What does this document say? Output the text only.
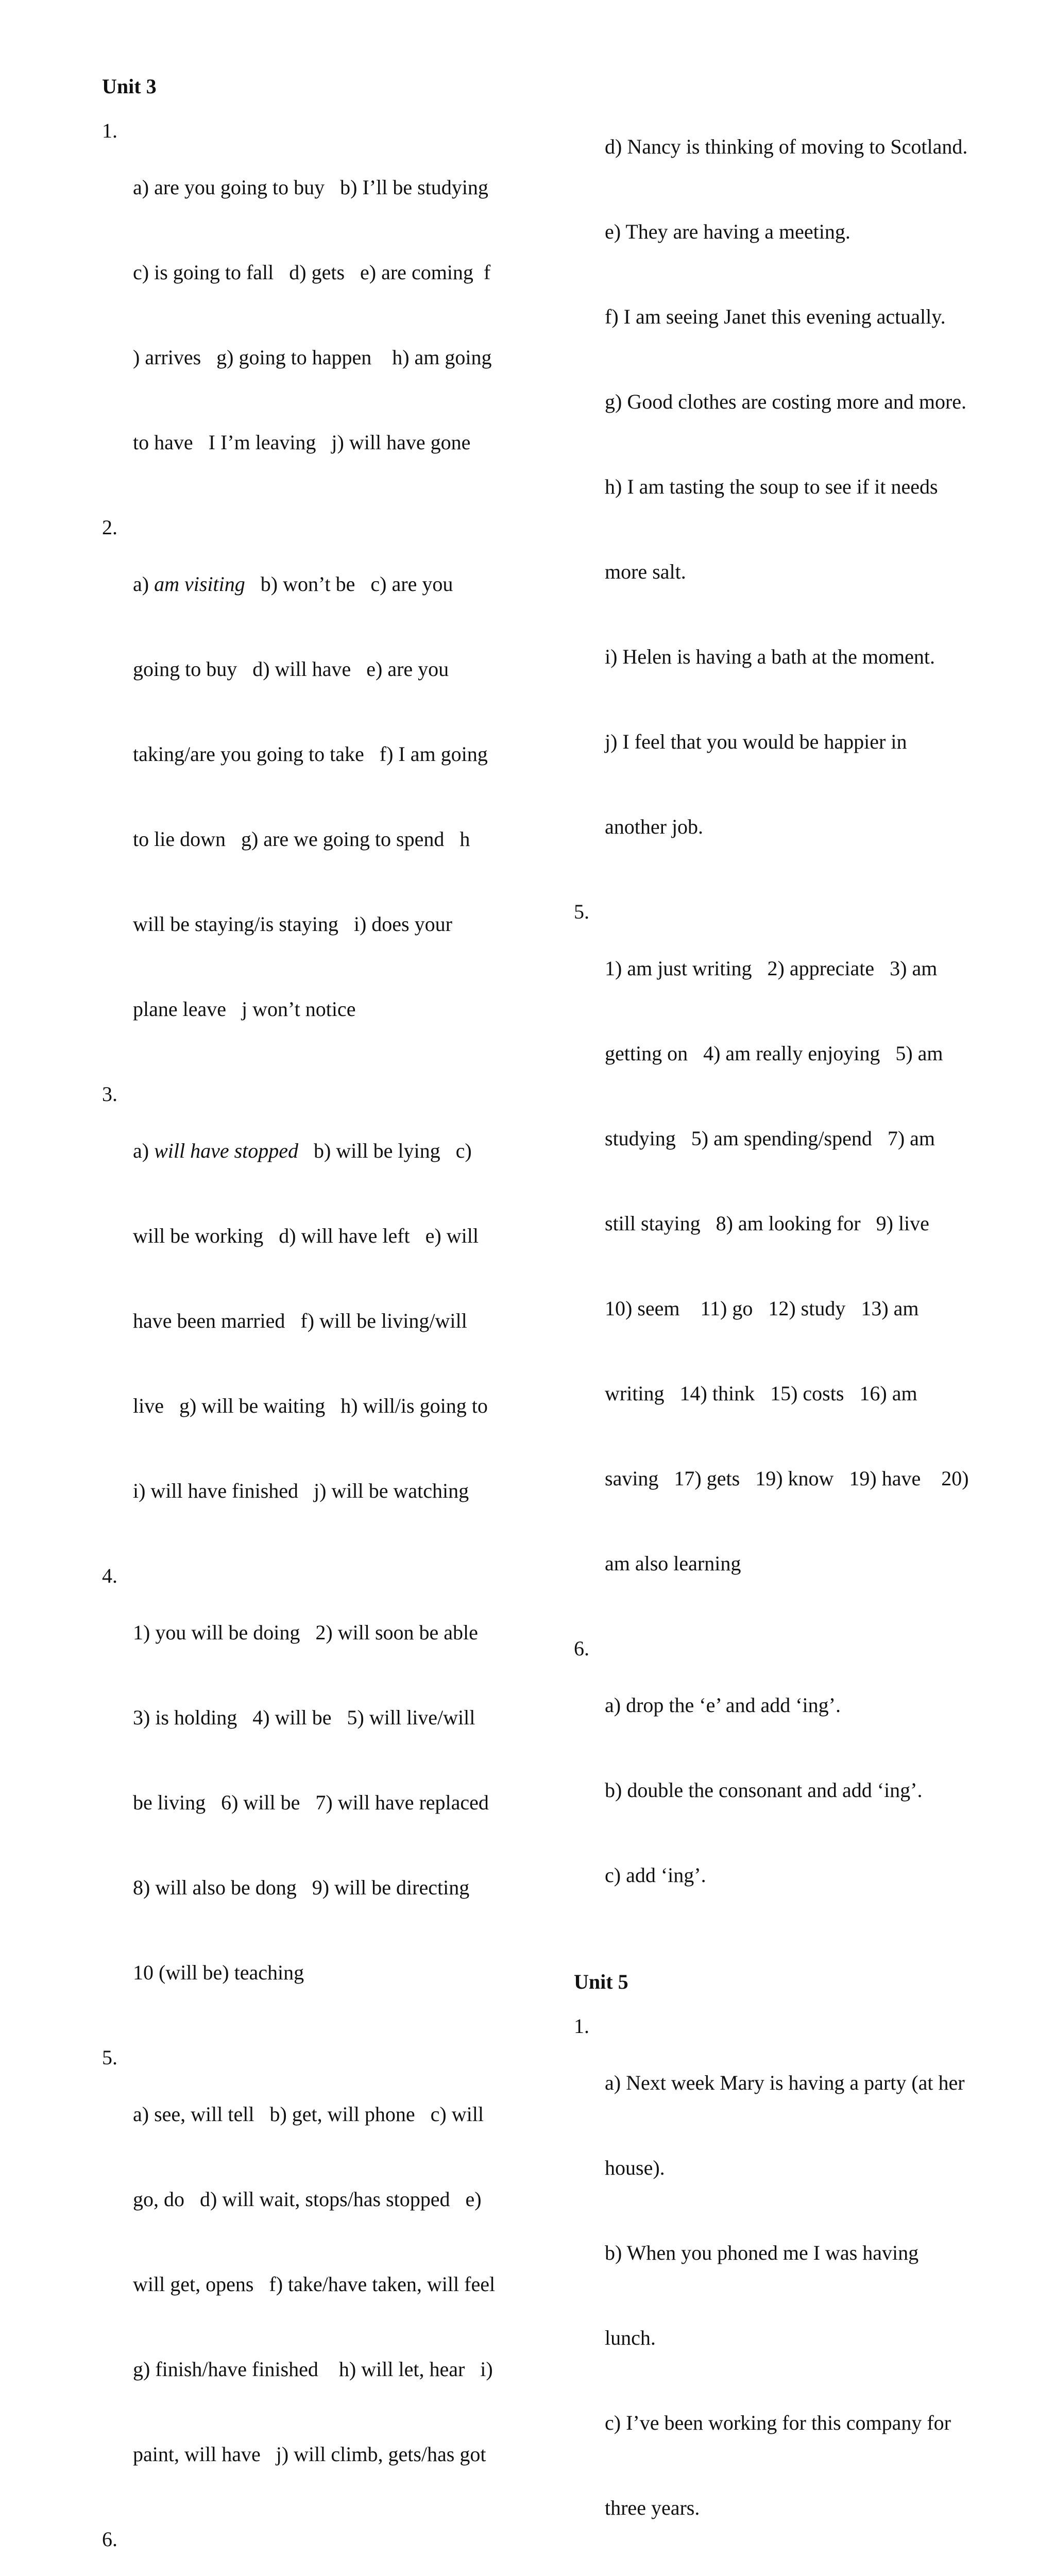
Unit 3
1.

a) are you going to buy   b) I’ll be studying

c) is going to fall   d) gets   e) are coming  f

) arrives   g) going to happen    h) am going

to have   I I’m leaving   j) will have gone

2.

a) am visiting   b) won’t be   c) are you

going to buy   d) will have   e) are you

taking/are you going to take   f) I am going

to lie down   g) are we going to spend   h

will be staying/is staying   i) does your

plane leave   j won’t notice

3.

a) will have stopped   b) will be lying   c)

will be working   d) will have left   e) will

have been married   f) will be living/will

live   g) will be waiting   h) will/is going to

i) will have finished   j) will be watching

4.

1) you will be doing   2) will soon be able

3) is holding   4) will be   5) will live/will

be living   6) will be   7) will have replaced

8) will also be dong   9) will be directing

10 (will be) teaching

5.

a) see, will tell   b) get, will phone   c) will

go, do   d) will wait, stops/has stopped   e)

will get, opens   f) take/have taken, will feel

g) finish/have finished    h) will let, hear   i)

paint, will have   j) will climb, gets/has got

6.

d) Nancy is thinking of moving to Scotland.

e) They are having a meeting.

f) I am seeing Janet this evening actually.

g) Good clothes are costing more and more.

h) I am tasting the soup to see if it needs

more salt.

i) Helen is having a bath at the moment.

j) I feel that you would be happier in

another job.

5.

1) am just writing   2) appreciate   3) am

getting on   4) am really enjoying   5) am

studying   5) am spending/spend   7) am

still staying   8) am looking for   9) live

10) seem    11) go   12) study   13) am

writing   14) think   15) costs   16) am

saving   17) gets   19) know   19) have    20)

am also learning

6.

a) drop the ‘e’ and add ‘ing’.

b) double the consonant and add ‘ing’.

c) add ‘ing’.

Unit 5
1.

a) Next week Mary is having a party (at her

house).

b) When you phoned me I was having

lunch.

c) I’ve been working for this company for

three years.
